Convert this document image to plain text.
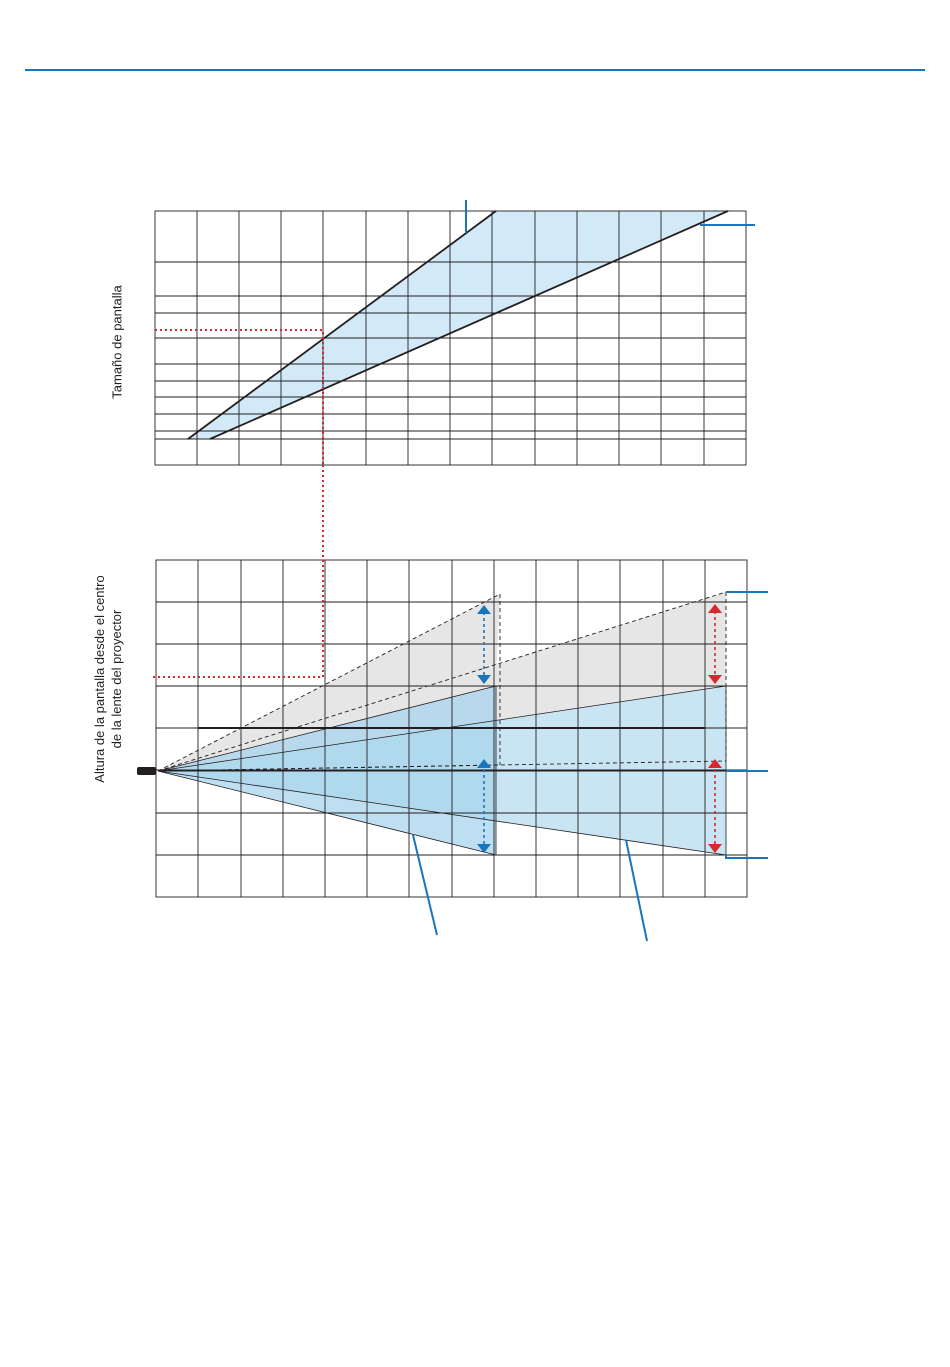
Tamaño de pantalla
Altura de la pantalla desde el centro de la lente del proyector
